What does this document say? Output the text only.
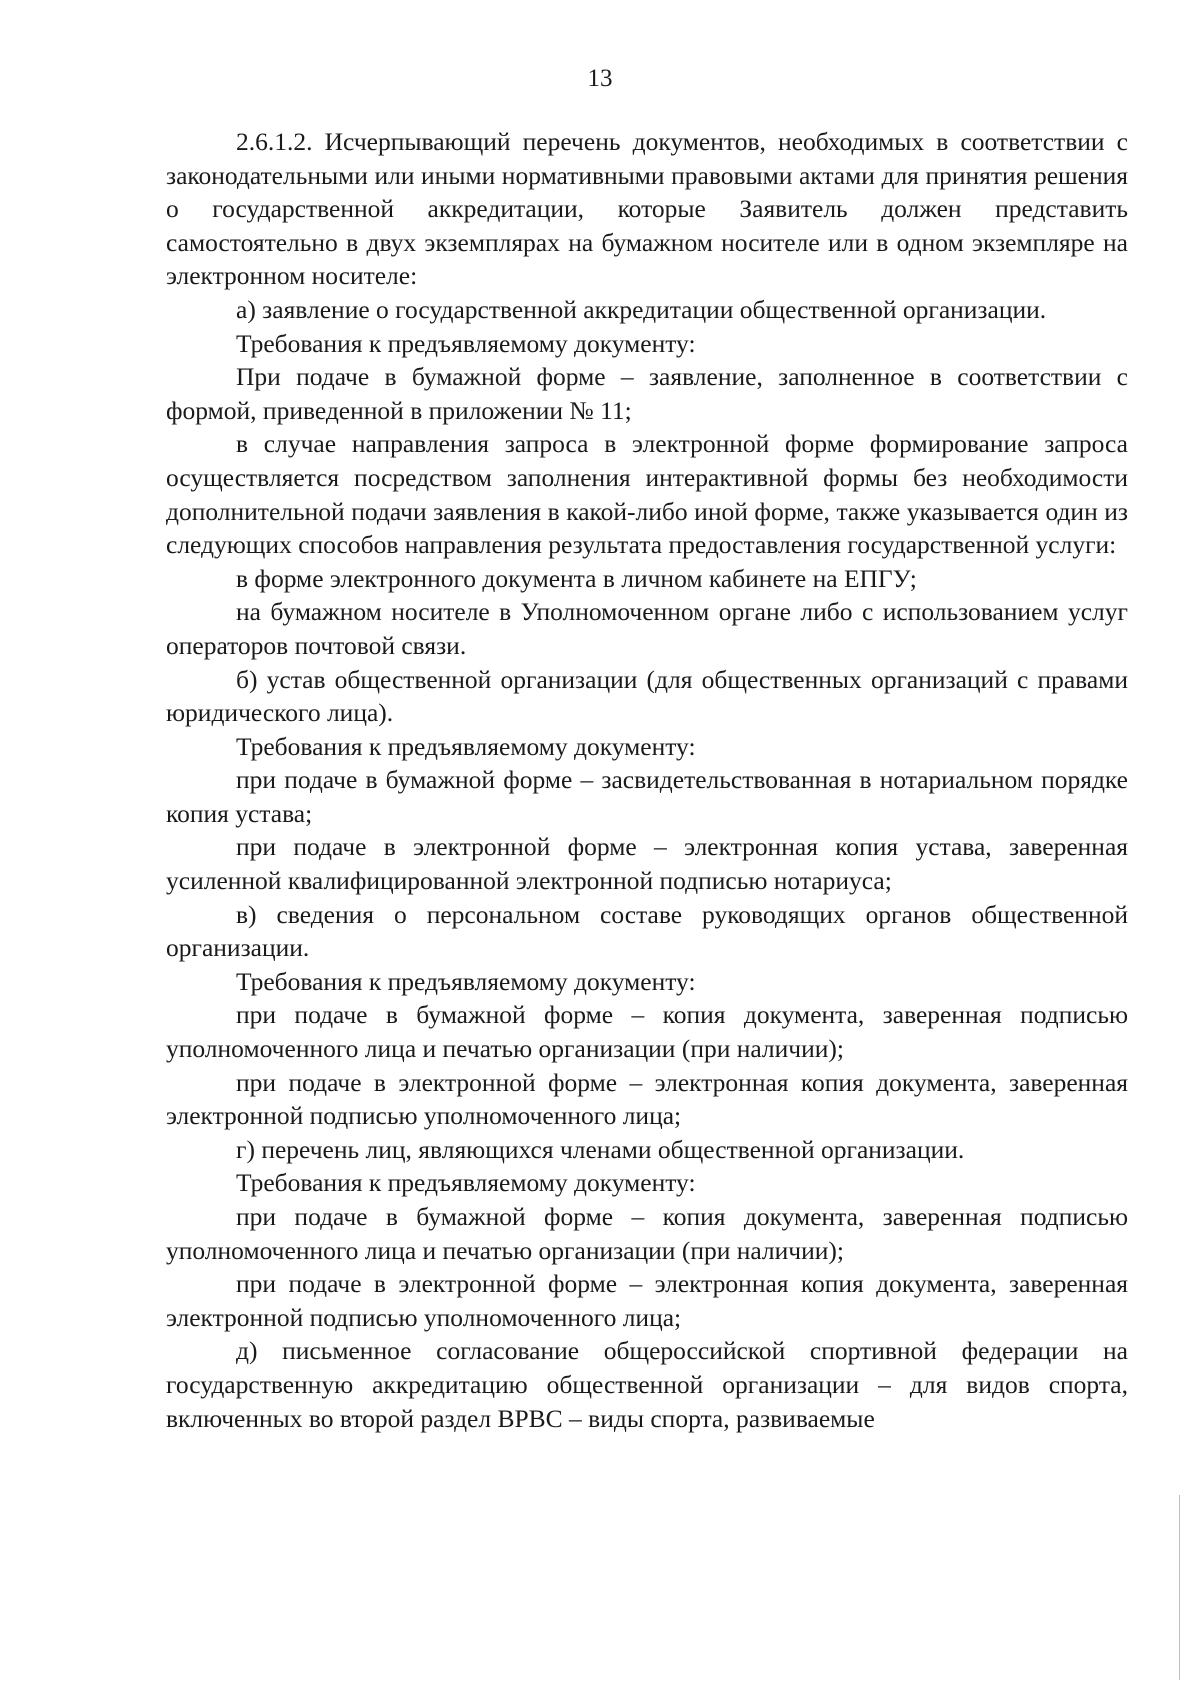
13

2.6.1.2. Исчерпывающий перечень документов, необходимых в соответствии с законодательными или иными нормативными правовыми актами для принятия решения о государственной аккредитации, которые Заявитель должен представить самостоятельно в двух экземплярах на бумажном носителе или в одном экземпляре на электронном носителе:

а) заявление о государственной аккредитации общественной организации.

Требования к предъявляемому документу:

При подаче в бумажной форме – заявление, заполненное в соответствии с формой, приведенной в приложении № 11;

в случае направления запроса в электронной форме формирование запроса осуществляется посредством заполнения интерактивной формы без необходимости дополнительной подачи заявления в какой-либо иной форме, также указывается один из следующих способов направления результата предоставления государственной услуги:

в форме электронного документа в личном кабинете на ЕПГУ;

на бумажном носителе в Уполномоченном органе либо с использованием услуг операторов почтовой связи.

б) устав общественной организации (для общественных организаций с правами юридического лица).

Требования к предъявляемому документу:

при подаче в бумажной форме – засвидетельствованная в нотариальном порядке копия устава;

при подаче в электронной форме – электронная копия устава, заверенная усиленной квалифицированной электронной подписью нотариуса;

в) сведения о персональном составе руководящих органов общественной организации.

Требования к предъявляемому документу:

при подаче в бумажной форме – копия документа, заверенная подписью уполномоченного лица и печатью организации (при наличии);

при подаче в электронной форме – электронная копия документа, заверенная электронной подписью уполномоченного лица;

г) перечень лиц, являющихся членами общественной организации.

Требования к предъявляемому документу:

при подаче в бумажной форме – копия документа, заверенная подписью уполномоченного лица и печатью организации (при наличии);

при подаче в электронной форме – электронная копия документа, заверенная электронной подписью уполномоченного лица;

д) письменное согласование общероссийской спортивной федерации на государственную аккредитацию общественной организации – для видов спорта, включенных во второй раздел ВРВС – виды спорта, развиваемые
